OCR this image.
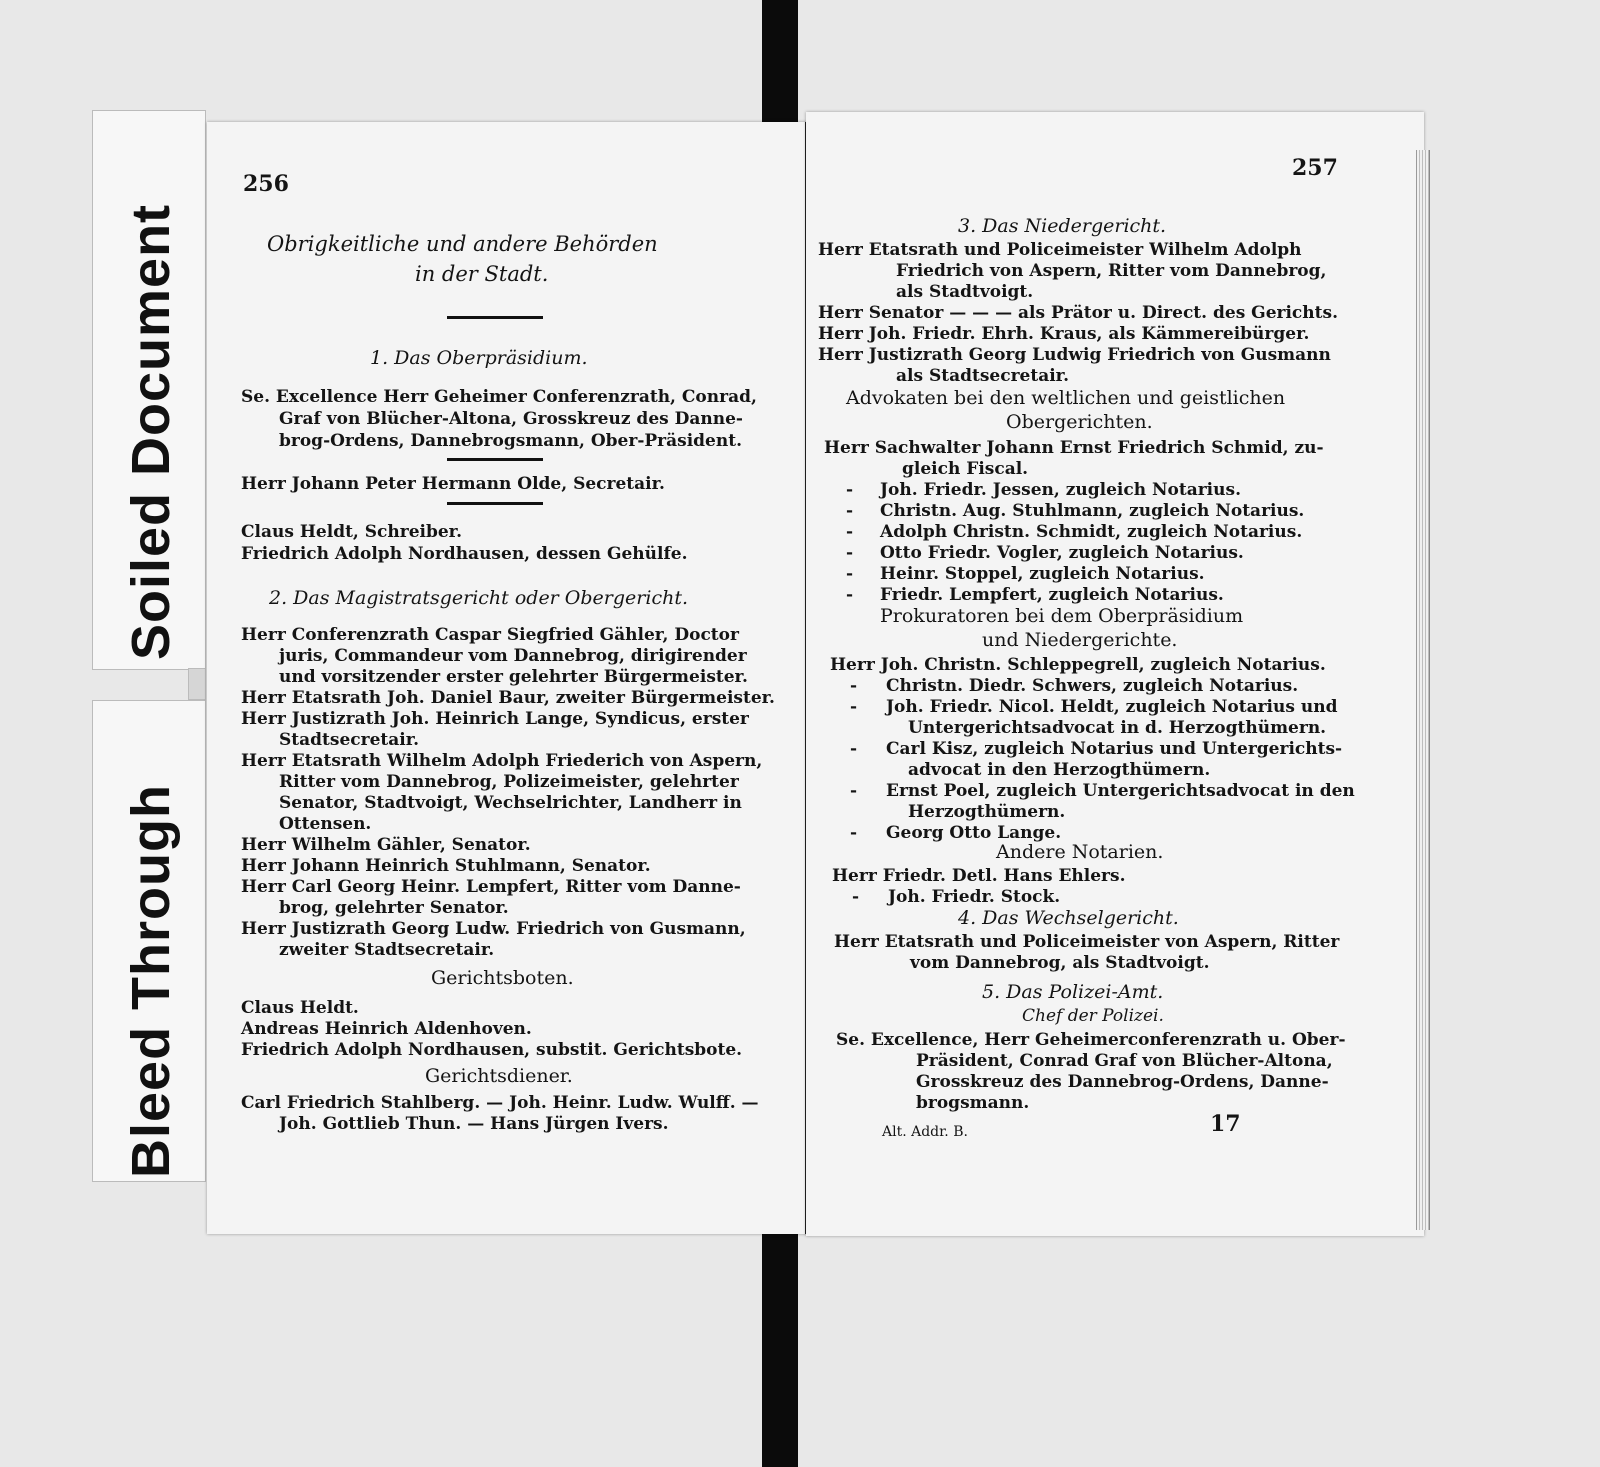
Soiled Document
Bleed Through
256
Obrigkeitliche und andere Behörden
in der Stadt.
1. Das Oberpräsidium.
Se. Excellence Herr Geheimer Conferenzrath, Conrad,
Graf von Blücher-Altona, Grosskreuz des Danne-
brog-Ordens, Dannebrogsmann, Ober-Präsident.
Herr Johann Peter Hermann Olde, Secretair.
Claus Heldt, Schreiber.
Friedrich Adolph Nordhausen, dessen Gehülfe.
2. Das Magistratsgericht oder Obergericht.
Herr Conferenzrath Caspar Siegfried Gähler, Doctor
juris, Commandeur vom Dannebrog, dirigirender
und vorsitzender erster gelehrter Bürgermeister.
Herr Etatsrath Joh. Daniel Baur, zweiter Bürgermeister.
Herr Justizrath Joh. Heinrich Lange, Syndicus, erster
Stadtsecretair.
Herr Etatsrath Wilhelm Adolph Friederich von Aspern,
Ritter vom Dannebrog, Polizeimeister, gelehrter
Senator, Stadtvoigt, Wechselrichter, Landherr in
Ottensen.
Herr Wilhelm Gähler, Senator.
Herr Johann Heinrich Stuhlmann, Senator.
Herr Carl Georg Heinr. Lempfert, Ritter vom Danne-
brog, gelehrter Senator.
Herr Justizrath Georg Ludw. Friedrich von Gusmann,
zweiter Stadtsecretair.
Gerichtsboten.
Claus Heldt.
Andreas Heinrich Aldenhoven.
Friedrich Adolph Nordhausen, substit. Gerichtsbote.
Gerichtsdiener.
Carl Friedrich Stahlberg. — Joh. Heinr. Ludw. Wulff. —
Joh. Gottlieb Thun. — Hans Jürgen Ivers.
257
3. Das Niedergericht.
Herr Etatsrath und Policeimeister Wilhelm Adolph
Friedrich von Aspern, Ritter vom Dannebrog,
als Stadtvoigt.
Herr Senator — — — als Prätor u. Direct. des Gerichts.
Herr Joh. Friedr. Ehrh. Kraus, als Kämmereibürger.
Herr Justizrath Georg Ludwig Friedrich von Gusmann
als Stadtsecretair.
Advokaten bei den weltlichen und geistlichen
Obergerichten.
Herr Sachwalter Johann Ernst Friedrich Schmid, zu-
gleich Fiscal.
- Joh. Friedr. Jessen, zugleich Notarius.
- Christn. Aug. Stuhlmann, zugleich Notarius.
- Adolph Christn. Schmidt, zugleich Notarius.
- Otto Friedr. Vogler, zugleich Notarius.
- Heinr. Stoppel, zugleich Notarius.
- Friedr. Lempfert, zugleich Notarius.
Prokuratoren bei dem Oberpräsidium
und Niedergerichte.
Herr Joh. Christn. Schleppegrell, zugleich Notarius.
- Christn. Diedr. Schwers, zugleich Notarius.
- Joh. Friedr. Nicol. Heldt, zugleich Notarius und
Untergerichtsadvocat in d. Herzogthümern.
- Carl Kisz, zugleich Notarius und Untergerichts-
advocat in den Herzogthümern.
- Ernst Poel, zugleich Untergerichtsadvocat in den
Herzogthümern.
- Georg Otto Lange.
Andere Notarien.
Herr Friedr. Detl. Hans Ehlers.
- Joh. Friedr. Stock.
4. Das Wechselgericht.
Herr Etatsrath und Policeimeister von Aspern, Ritter
vom Dannebrog, als Stadtvoigt.
5. Das Polizei-Amt.
Chef der Polizei.
Se. Excellence, Herr Geheimerconferenzrath u. Ober-
Präsident, Conrad Graf von Blücher-Altona,
Grosskreuz des Dannebrog-Ordens, Danne-
brogsmann.
Alt. Addr. B.	17
